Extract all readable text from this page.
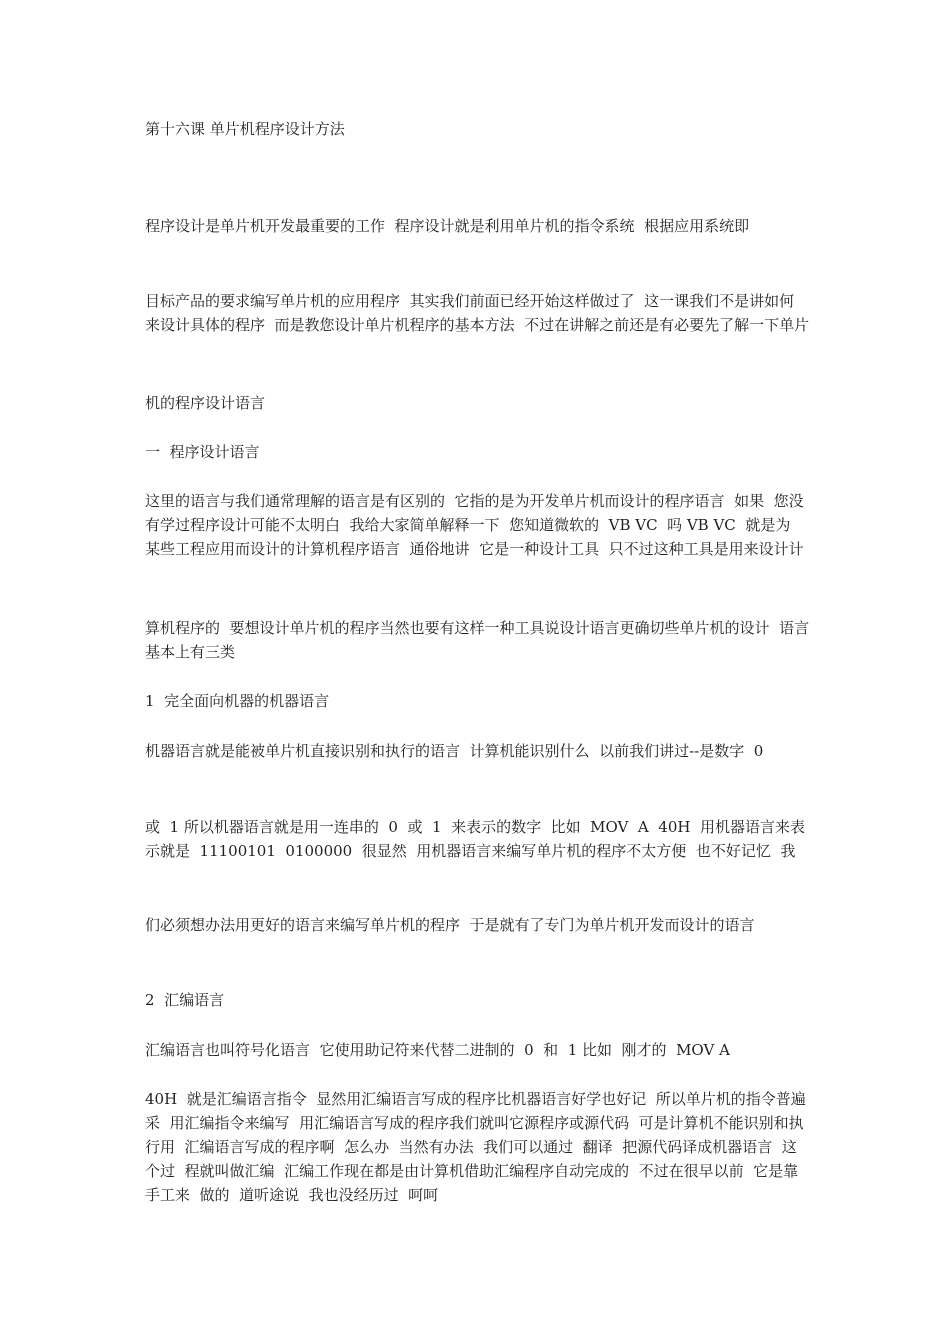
第十六课 单片机程序设计方法

程序设计是单片机开发最重要的工作  程序设计就是利用单片机的指令系统  根据应用系统即

目标产品的要求编写单片机的应用程序  其实我们前面已经开始这样做过了  这一课我们不是讲如何  来设计具体的程序  而是教您设计单片机程序的基本方法  不过在讲解之前还是有必要先了解一下单片

机的程序设计语言

一  程序设计语言

这里的语言与我们通常理解的语言是有区别的  它指的是为开发单片机而设计的程序语言  如果  您没有学过程序设计可能不太明白  我给大家简单解释一下  您知道微软的  VB VC  吗 VB VC  就是为  某些工程应用而设计的计算机程序语言  通俗地讲  它是一种设计工具  只不过这种工具是用来设计计

算机程序的  要想设计单片机的程序当然也要有这样一种工具说设计语言更确切些单片机的设计  语言基本上有三类

1  完全面向机器的机器语言

机器语言就是能被单片机直接识别和执行的语言  计算机能识别什么  以前我们讲过--是数字  0

或  1 所以机器语言就是用一连串的  0  或  1  来表示的数字  比如  MOV  A  40H  用机器语言来表示就是  11100101  0100000  很显然  用机器语言来编写单片机的程序不太方便  也不好记忆  我

们必须想办法用更好的语言来编写单片机的程序  于是就有了专门为单片机开发而设计的语言

2  汇编语言

汇编语言也叫符号化语言  它使用助记符来代替二进制的  0  和  1 比如  刚才的  MOV A

40H  就是汇编语言指令  显然用汇编语言写成的程序比机器语言好学也好记  所以单片机的指令普遍采  用汇编指令来编写  用汇编语言写成的程序我们就叫它源程序或源代码  可是计算机不能识别和执行用  汇编语言写成的程序啊  怎么办  当然有办法  我们可以通过  翻译  把源代码译成机器语言  这个过  程就叫做汇编  汇编工作现在都是由计算机借助汇编程序自动完成的  不过在很早以前  它是靠手工来  做的  道听途说  我也没经历过  呵呵
